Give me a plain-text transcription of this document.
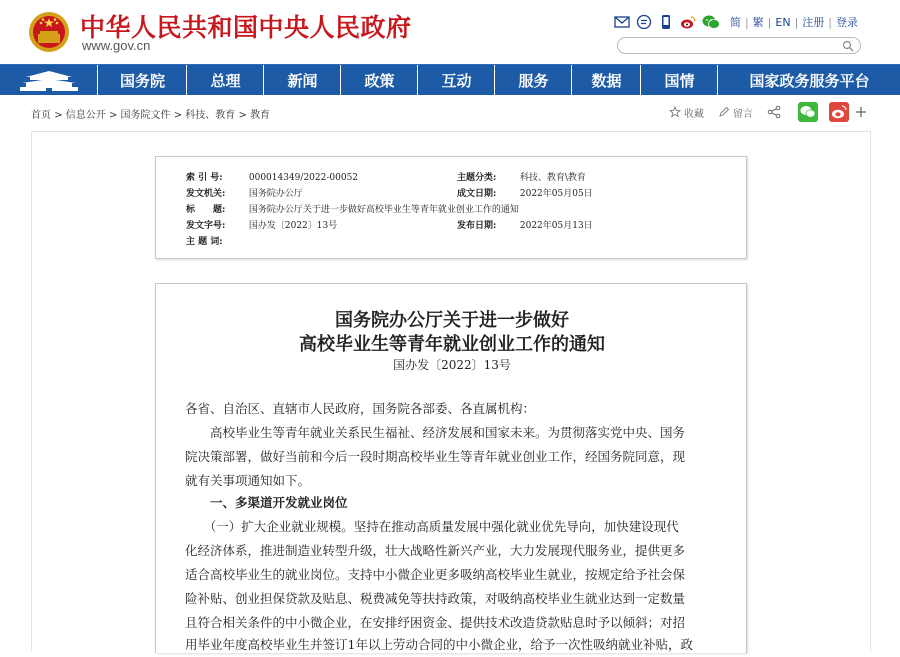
中华人民共和国中央人民政府
www.gov.cn
简 | 繁 | EN | 注册 | 登录
国务院	总理	新闻	政策	互动	服务	数据	国情	国家政务服务平台
首页 > 信息公开 > 国务院文件 > 科技、教育 > 教育	收藏	留言
索 引 号:	000014349/2022-00052	主题分类:	科技、教育\教育
发文机关:	国务院办公厅	成文日期:	2022年05月05日
标　　题:	国务院办公厅关于进一步做好高校毕业生等青年就业创业工作的通知
发文字号:	国办发〔2022〕13号	发布日期:	2022年05月13日
主 题 词:
国务院办公厅关于进一步做好
高校毕业生等青年就业创业工作的通知
国办发〔2022〕13号
各省、自治区、直辖市人民政府，国务院各部委、各直属机构：
　　高校毕业生等青年就业关系民生福祉、经济发展和国家未来。为贯彻落实党中央、国务
院决策部署，做好当前和今后一段时期高校毕业生等青年就业创业工作，经国务院同意，现
就有关事项通知如下。
　　一、多渠道开发就业岗位
　　（一）扩大企业就业规模。坚持在推动高质量发展中强化就业优先导向，加快建设现代
化经济体系，推进制造业转型升级，壮大战略性新兴产业，大力发展现代服务业，提供更多
适合高校毕业生的就业岗位。支持中小微企业更多吸纳高校毕业生就业，按规定给予社会保
险补贴、创业担保贷款及贴息、税费减免等扶持政策，对吸纳高校毕业生就业达到一定数量
且符合相关条件的中小微企业，在安排纾困资金、提供技术改造贷款贴息时予以倾斜；对招
用毕业年度高校毕业生并签订1年以上劳动合同的中小微企业，给予一次性吸纳就业补贴，政
